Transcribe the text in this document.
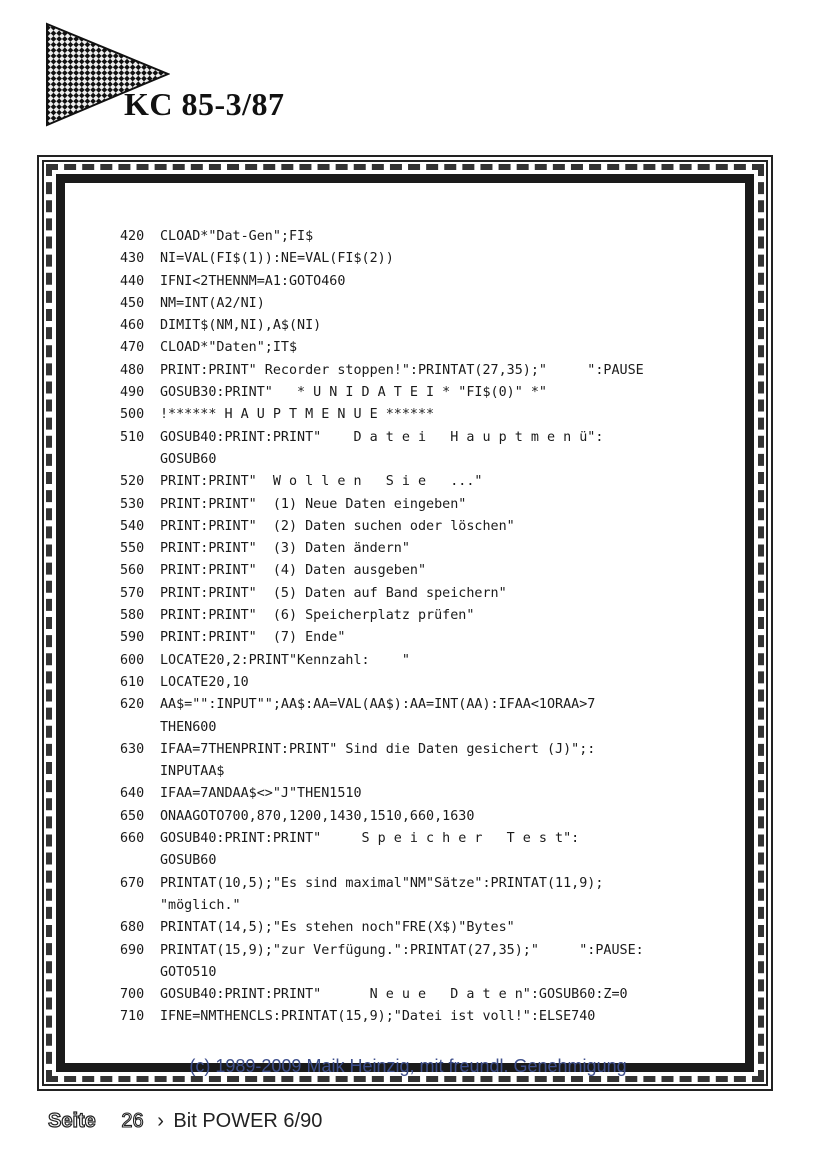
KC 85-3/87
420	CLOAD*"Dat-Gen";FI$
430	NI=VAL(FI$(1)):NE=VAL(FI$(2))
440	IFNI<2THENNM=A1:GOTO460
450	NM=INT(A2/NI)
460	DIMIT$(NM,NI),A$(NI)
470	CLOAD*"Daten";IT$
480	PRINT:PRINT" Recorder stoppen!":PRINTAT(27,35);"     ":PAUSE
490	GOSUB30:PRINT"   * U N I D A T E I * "FI$(0)" *"
500	!****** H A U P T M E N U E ******
510	GOSUB40:PRINT:PRINT"    D a t e i   H a u p t m e n ü":
GOSUB60
520	PRINT:PRINT"  W o l l e n   S i e   ..."
530	PRINT:PRINT"  (1) Neue Daten eingeben"
540	PRINT:PRINT"  (2) Daten suchen oder löschen"
550	PRINT:PRINT"  (3) Daten ändern"
560	PRINT:PRINT"  (4) Daten ausgeben"
570	PRINT:PRINT"  (5) Daten auf Band speichern"
580	PRINT:PRINT"  (6) Speicherplatz prüfen"
590	PRINT:PRINT"  (7) Ende"
600	LOCATE20,2:PRINT"Kennzahl:    "
610	LOCATE20,10
620	AA$="":INPUT"";AA$:AA=VAL(AA$):AA=INT(AA):IFAA<1ORAA>7
THEN600
630	IFAA=7THENPRINT:PRINT" Sind die Daten gesichert (J)";:
INPUTAA$
640	IFAA=7ANDAA$<>"J"THEN1510
650	ONAAGOTO700,870,1200,1430,1510,660,1630
660	GOSUB40:PRINT:PRINT"     S p e i c h e r   T e s t":
GOSUB60
670	PRINTAT(10,5);"Es sind maximal"NM"Sätze":PRINTAT(11,9);
"möglich."
680	PRINTAT(14,5);"Es stehen noch"FRE(X$)"Bytes"
690	PRINTAT(15,9);"zur Verfügung.":PRINTAT(27,35);"     ":PAUSE:
GOTO510
700	GOSUB40:PRINT:PRINT"      N e u e   D a t e n":GOSUB60:Z=0
710	IFNE=NMTHENCLS:PRINTAT(15,9);"Datei ist voll!":ELSE740
(c) 1989-2009 Maik Heinzig, mit freundl. Genehmigung
Seite 26 › Bit POWER 6/90
